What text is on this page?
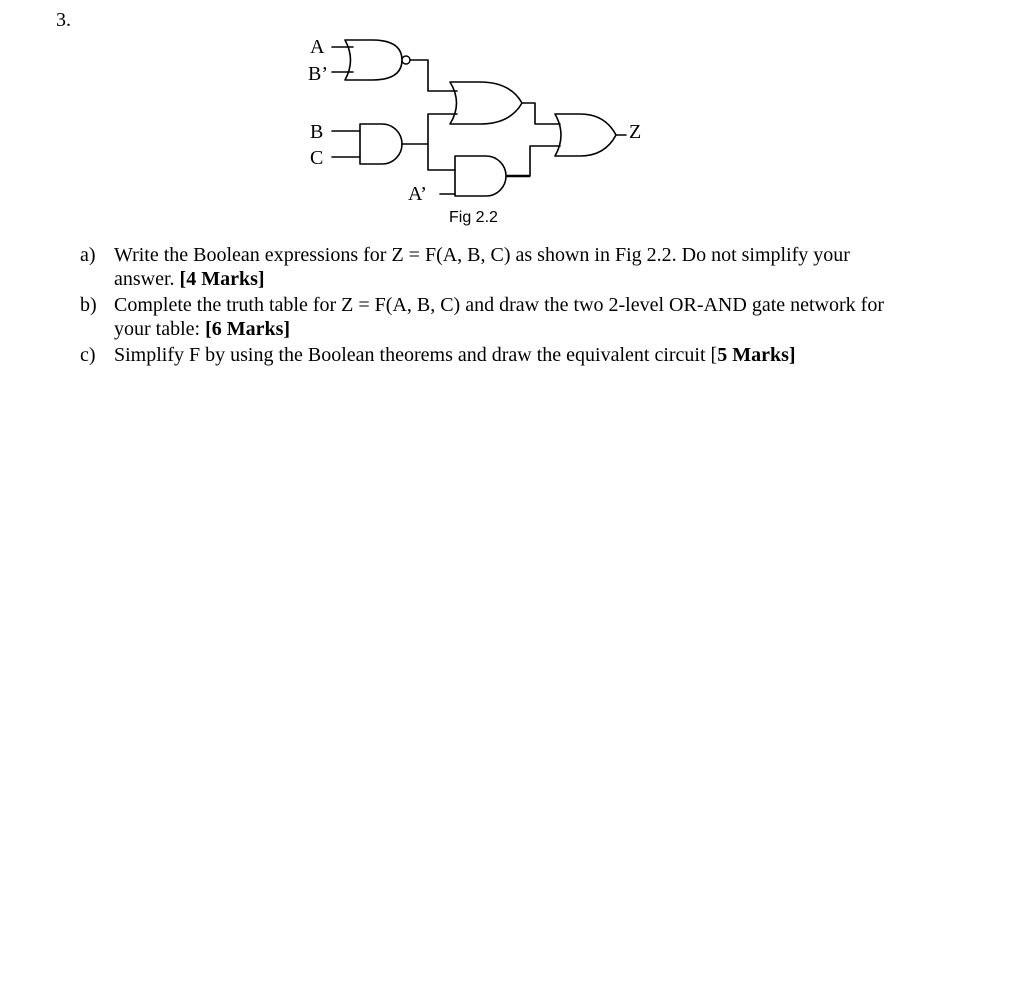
3.
A
B’
B
C
A’
Z
Fig 2.2
a) Write the Boolean expressions for Z = F(A, B, C) as shown in Fig 2.2. Do not simplify your answer. [4 Marks]
b) Complete the truth table for Z = F(A, B, C) and draw the two 2-level OR-AND gate network for your table: [6 Marks]
c) Simplify F by using the Boolean theorems and draw the equivalent circuit [5 Marks]
